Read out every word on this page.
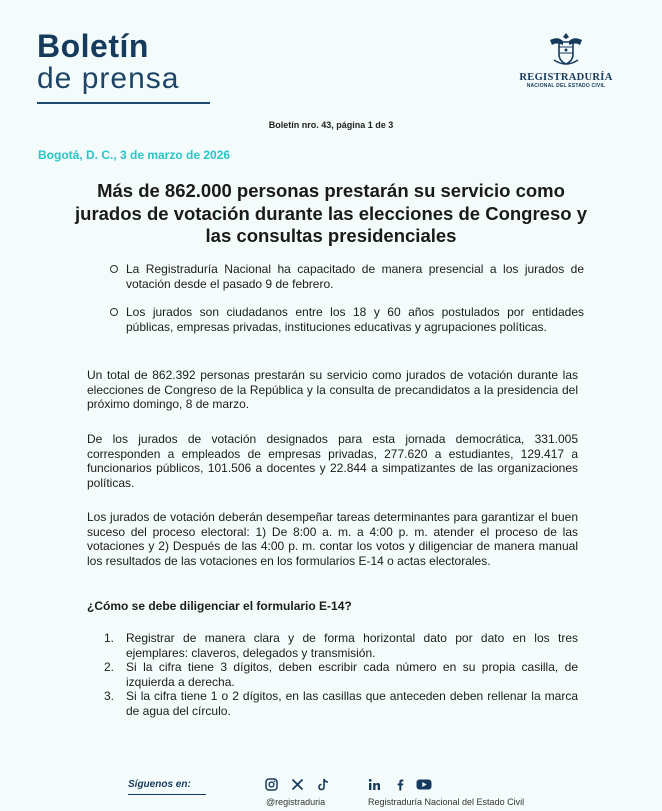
Boletín
de prensa	REGISTRADURÍA
NACIONAL DEL ESTADO CIVIL
Boletín nro. 43, página 1 de 3
Bogotá, D. C., 3 de marzo de 2026
Más de 862.000 personas prestarán su servicio como jurados de votación durante las elecciones de Congreso y las consultas presidenciales
La Registraduría Nacional ha capacitado de manera presencial a los jurados de votación desde el pasado 9 de febrero.
Los jurados son ciudadanos entre los 18 y 60 años postulados por entidades públicas, empresas privadas, instituciones educativas y agrupaciones políticas.

Un total de 862.392 personas prestarán su servicio como jurados de votación durante las elecciones de Congreso de la República y la consulta de precandidatos a la presidencia del próximo domingo, 8 de marzo.

De los jurados de votación designados para esta jornada democrática, 331.005 corresponden a empleados de empresas privadas, 277.620 a estudiantes, 129.417 a funcionarios públicos, 101.506 a docentes y 22.844 a simpatizantes de las organizaciones políticas.

Los jurados de votación deberán desempeñar tareas determinantes para garantizar el buen suceso del proceso electoral: 1) De 8:00 a. m. a 4:00 p. m. atender el proceso de las votaciones y 2) Después de las 4:00 p. m. contar los votos y diligenciar de manera manual los resultados de las votaciones en los formularios E-14 o actas electorales.

¿Cómo se debe diligenciar el formulario E-14?
1. Registrar de manera clara y de forma horizontal dato por dato en los tres ejemplares: claveros, delegados y transmisión.
2. Si la cifra tiene 3 dígitos, deben escribir cada número en su propia casilla, de izquierda a derecha.
3. Si la cifra tiene 1 o 2 dígitos, en las casillas que anteceden deben rellenar la marca de agua del círculo.
Síguenos en:
@registraduria	Registraduría Nacional del Estado Civil
